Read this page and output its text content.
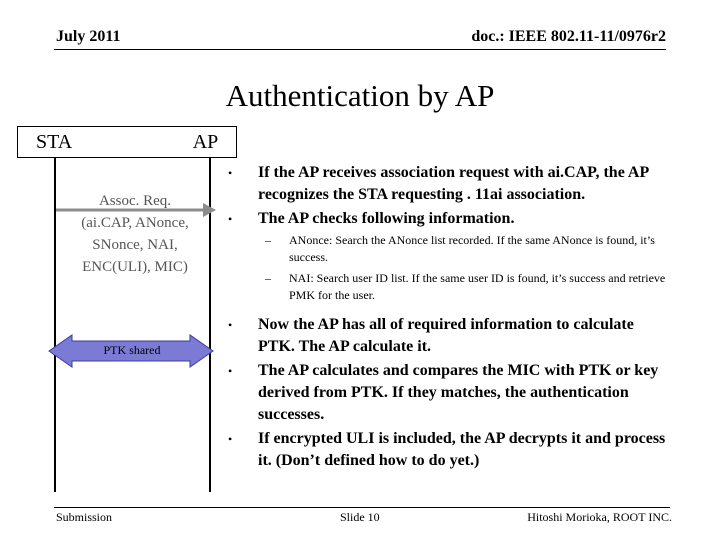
July 2011	doc.: IEEE 802.11-11/0976r2
Authentication by AP
STA	AP
Assoc. Req.
(ai.CAP, ANonce,
SNonce, NAI,
ENC(ULI), MIC)
PTK shared
• If the AP receives association request with ai.CAP, the AP recognizes the STA requesting . 11ai association.
• The AP checks following information.
– ANonce: Search the ANonce list recorded. If the same ANonce is found, it’s success.
– NAI: Search user ID list. If the same user ID is found, it’s success and retrieve PMK for the user.
• Now the AP has all of required information to calculate PTK. The AP calculate it.
• The AP calculates and compares the MIC with PTK or key derived from PTK. If they matches, the authentication successes.
• If encrypted ULI is included, the AP decrypts it and process it. (Don’t defined how to do yet.)
Submission	Slide 10	Hitoshi Morioka, ROOT INC.
